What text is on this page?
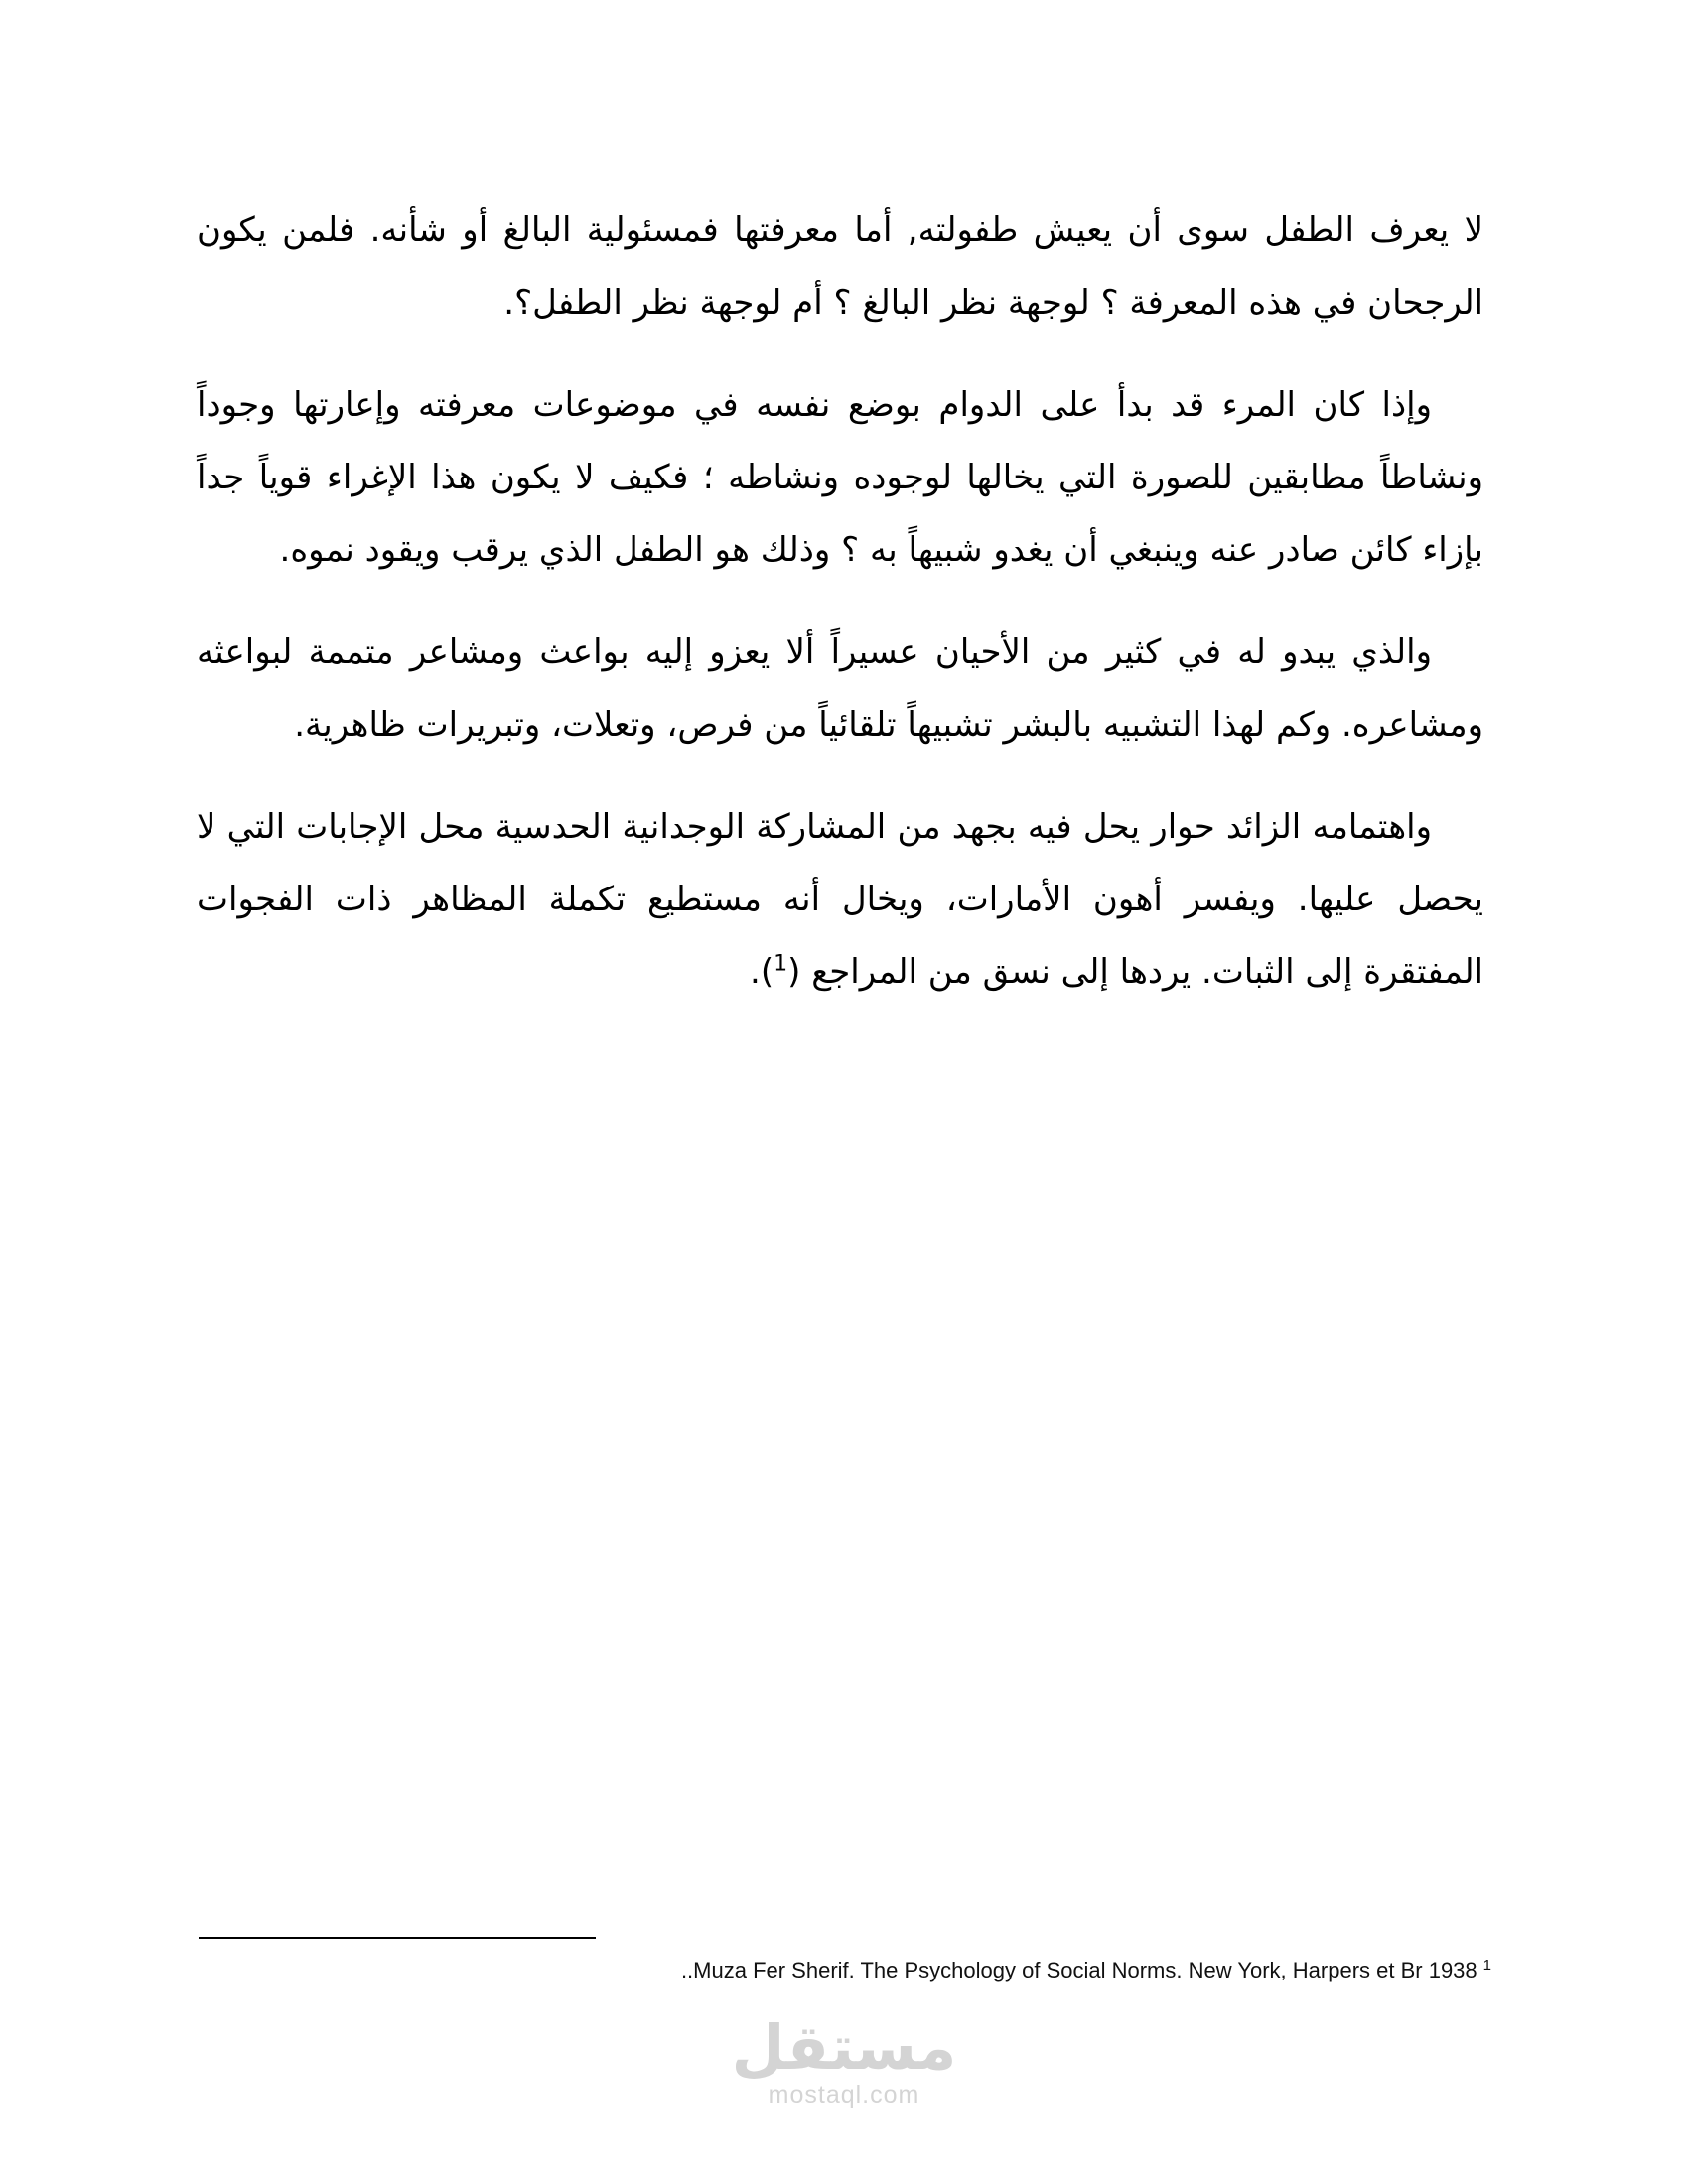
لا يعرف الطفل سوى أن يعيش طفولته, أما معرفتها فمسئولية البالغ أو شأنه. فلمن يكون الرجحان في هذه المعرفة ؟ لوجهة نظر البالغ ؟ أم لوجهة نظر الطفل؟.

وإذا كان المرء قد بدأ على الدوام بوضع نفسه في موضوعات معرفته وإعارتها وجوداً ونشاطاً مطابقين للصورة التي يخالها لوجوده ونشاطه ؛ فكيف لا يكون هذا الإغراء قوياً جداً بإزاء كائن صادر عنه وينبغي أن يغدو شبيهاً به ؟ وذلك هو الطفل الذي يرقب ويقود نموه.

والذي يبدو له في كثير من الأحيان عسيراً ألا يعزو إليه بواعث ومشاعر متممة لبواعثه ومشاعره. وكم لهذا التشبيه بالبشر تشبيهاً تلقائياً من فرص، وتعلات، وتبريرات ظاهرية.

واهتمامه الزائد حوار يحل فيه بجهد من المشاركة الوجدانية الحدسية محل الإجابات التي لا يحصل عليها. ويفسر أهون الأمارات، ويخال أنه مستطيع تكملة المظاهر ذات الفجوات المفتقرة إلى الثبات. يردها إلى نسق من المراجع ($^1$).

..Muza Fer Sherif. The Psychology of Social Norms. New York, Harpers et Br 1938 $^1$
مستقل
mostaql.com
